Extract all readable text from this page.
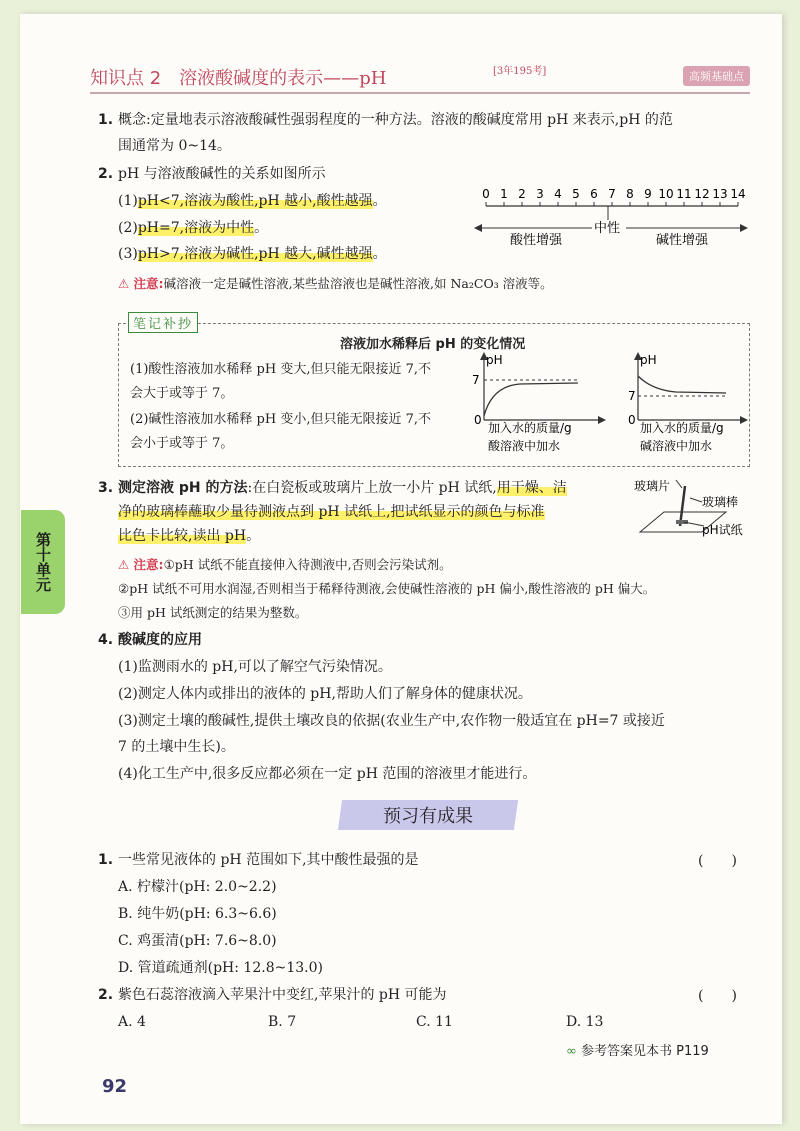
知识点 2　溶液酸碱度的表示——pH	[3年195考]	高频基础点
1. 概念:定量地表示溶液酸碱性强弱程度的一种方法。溶液的酸碱度常用 pH 来表示,pH 的范
围通常为 0~14。
2. pH 与溶液酸碱性的关系如图所示
(1)pH<7,溶液为酸性,pH 越小,酸性越强。
(2)pH=7,溶液为中性。
(3)pH>7,溶液为碱性,pH 越大,碱性越强。
⚠ 注意:碱溶液一定是碱性溶液,某些盐溶液也是碱性溶液,如 Na₂CO₃ 溶液等。
0 1 2 3 4 5 6 7 8 9 10 11 12 13 14
酸性增强
中性
碱性增强
笔记补抄
溶液加水稀释后 pH 的变化情况
(1)酸性溶液加水稀释 pH 变大,但只能无限接近 7,不
会大于或等于 7。
(2)碱性溶液加水稀释 pH 变小,但只能无限接近 7,不
会小于或等于 7。
pH
7
0
加入水的质量/g
酸溶液中加水
pH
7
0
加入水的质量/g
碱溶液中加水
3. 测定溶液 pH 的方法:在白瓷板或玻璃片上放一小片 pH 试纸,用干燥、洁
净的玻璃棒蘸取少量待测液点到 pH 试纸上,把试纸显示的颜色与标准
比色卡比较,读出 pH。
玻璃片
玻璃棒
pH试纸
⚠ 注意:①pH 试纸不能直接伸入待测液中,否则会污染试剂。
②pH 试纸不可用水润湿,否则相当于稀释待测液,会使碱性溶液的 pH 偏小,酸性溶液的 pH 偏大。
③用 pH 试纸测定的结果为整数。
第十单元
4. 酸碱度的应用
(1)监测雨水的 pH,可以了解空气污染情况。
(2)测定人体内或排出的液体的 pH,帮助人们了解身体的健康状况。
(3)测定土壤的酸碱性,提供土壤改良的依据(农业生产中,农作物一般适宜在 pH=7 或接近
7 的土壤中生长)。
(4)化工生产中,很多反应都必须在一定 pH 范围的溶液里才能进行。
预习有成果
1. 一些常见液体的 pH 范围如下,其中酸性最强的是	(　　)
A. 柠檬汁(pH: 2.0~2.2)
B. 纯牛奶(pH: 6.3~6.6)
C. 鸡蛋清(pH: 7.6~8.0)
D. 管道疏通剂(pH: 12.8~13.0)
2. 紫色石蕊溶液滴入苹果汁中变红,苹果汁的 pH 可能为	(　　)
A. 4	B. 7	C. 11	D. 13
∞ 参考答案见本书 P119
92
